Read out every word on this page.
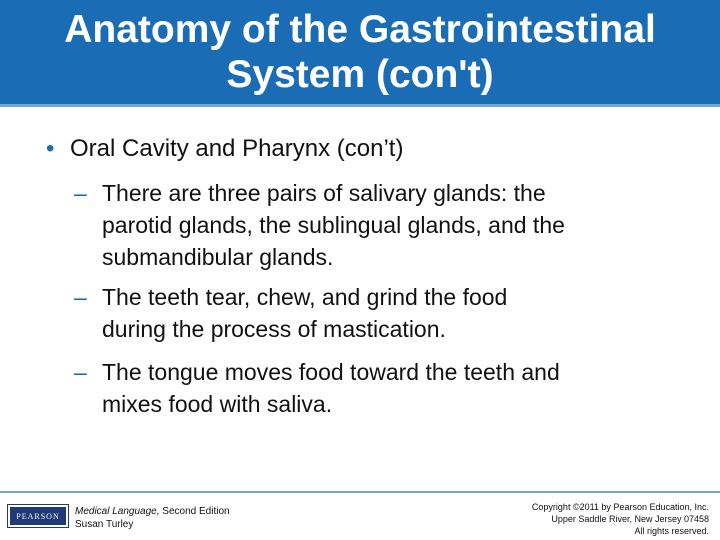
Anatomy of the Gastrointestinal
System (con't)
• Oral Cavity and Pharynx (con’t)
– There are three pairs of salivary glands: the
parotid glands, the sublingual glands, and the
submandibular glands.
– The teeth tear, chew, and grind the food
during the process of mastication.
– The tongue moves food toward the teeth and
mixes food with saliva.
PEARSON	Medical Language, Second Edition
Susan Turley
Copyright ©2011 by Pearson Education, Inc.
Upper Saddle River, New Jersey 07458
All rights reserved.
